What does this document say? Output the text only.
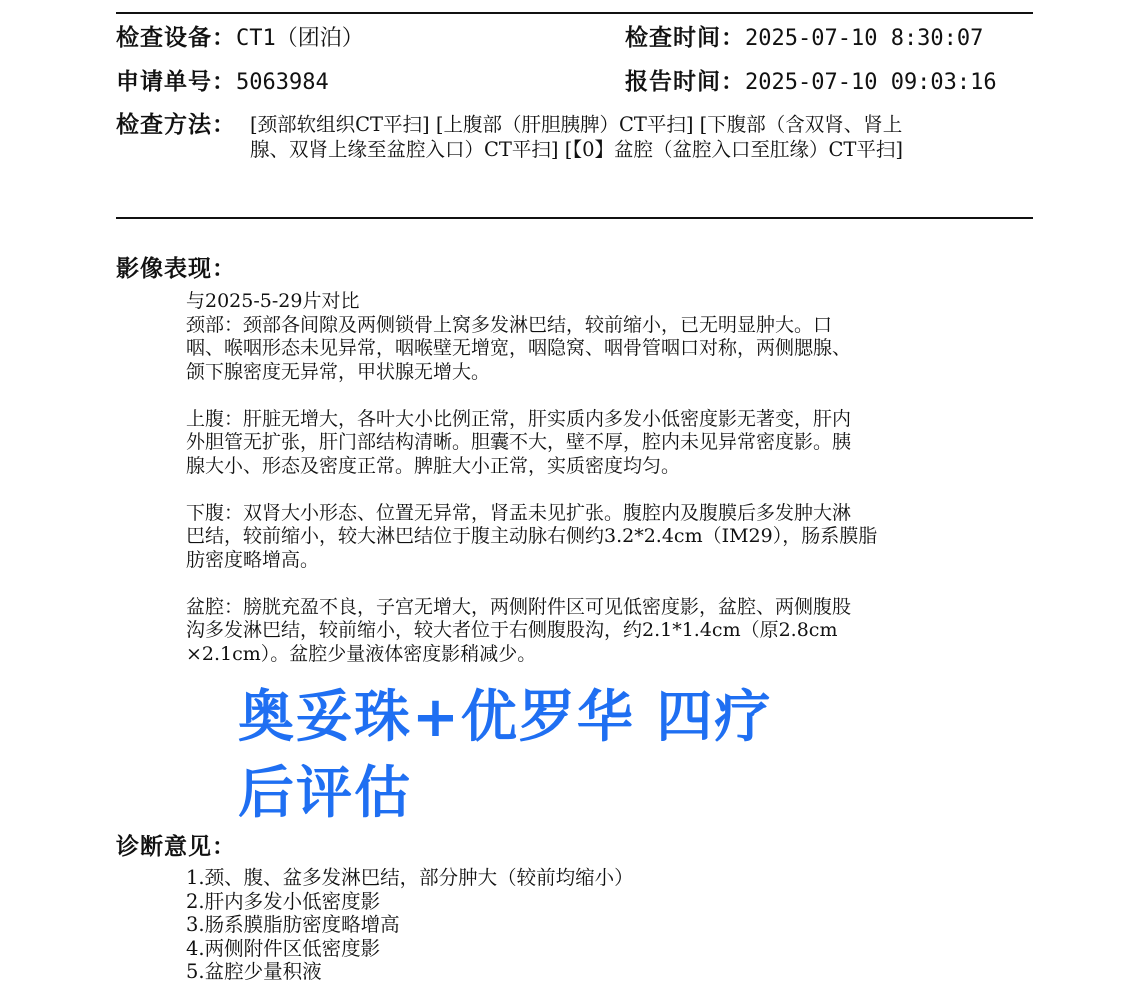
检查设备：CT1（团泊）	检查时间：2025-07-10 8:30:07
申请单号：5063984	报告时间：2025-07-10 09:03:16
检查方法： [颈部软组织CT平扫] [上腹部（肝胆胰脾）CT平扫] [下腹部（含双肾、肾上
腺、双肾上缘至盆腔入口）CT平扫] [【0】盆腔（盆腔入口至肛缘）CT平扫]
影像表现：

与2025-5-29片对比

颈部：颈部各间隙及两侧锁骨上窝多发淋巴结，较前缩小，已无明显肿大。口
咽、喉咽形态未见异常，咽喉壁无增宽，咽隐窝、咽骨管咽口对称，两侧腮腺、
颌下腺密度无异常，甲状腺无增大。

上腹：肝脏无增大，各叶大小比例正常，肝实质内多发小低密度影无著变，肝内
外胆管无扩张，肝门部结构清晰。胆囊不大，壁不厚，腔内未见异常密度影。胰
腺大小、形态及密度正常。脾脏大小正常，实质密度均匀。

下腹：双肾大小形态、位置无异常，肾盂未见扩张。腹腔内及腹膜后多发肿大淋
巴结，较前缩小，较大淋巴结位于腹主动脉右侧约3.2*2.4cm（IM29），肠系膜脂
肪密度略增高。

盆腔：膀胱充盈不良，子宫无增大，两侧附件区可见低密度影，盆腔、两侧腹股
沟多发淋巴结，较前缩小，较大者位于右侧腹股沟，约2.1*1.4cm（原2.8cm
×2.1cm）。盆腔少量液体密度影稍减少。

奥妥珠+优罗华 四疗
后评估
诊断意见：
1.颈、腹、盆多发淋巴结，部分肿大（较前均缩小）
2.肝内多发小低密度影
3.肠系膜脂肪密度略增高
4.两侧附件区低密度影
5.盆腔少量积液
